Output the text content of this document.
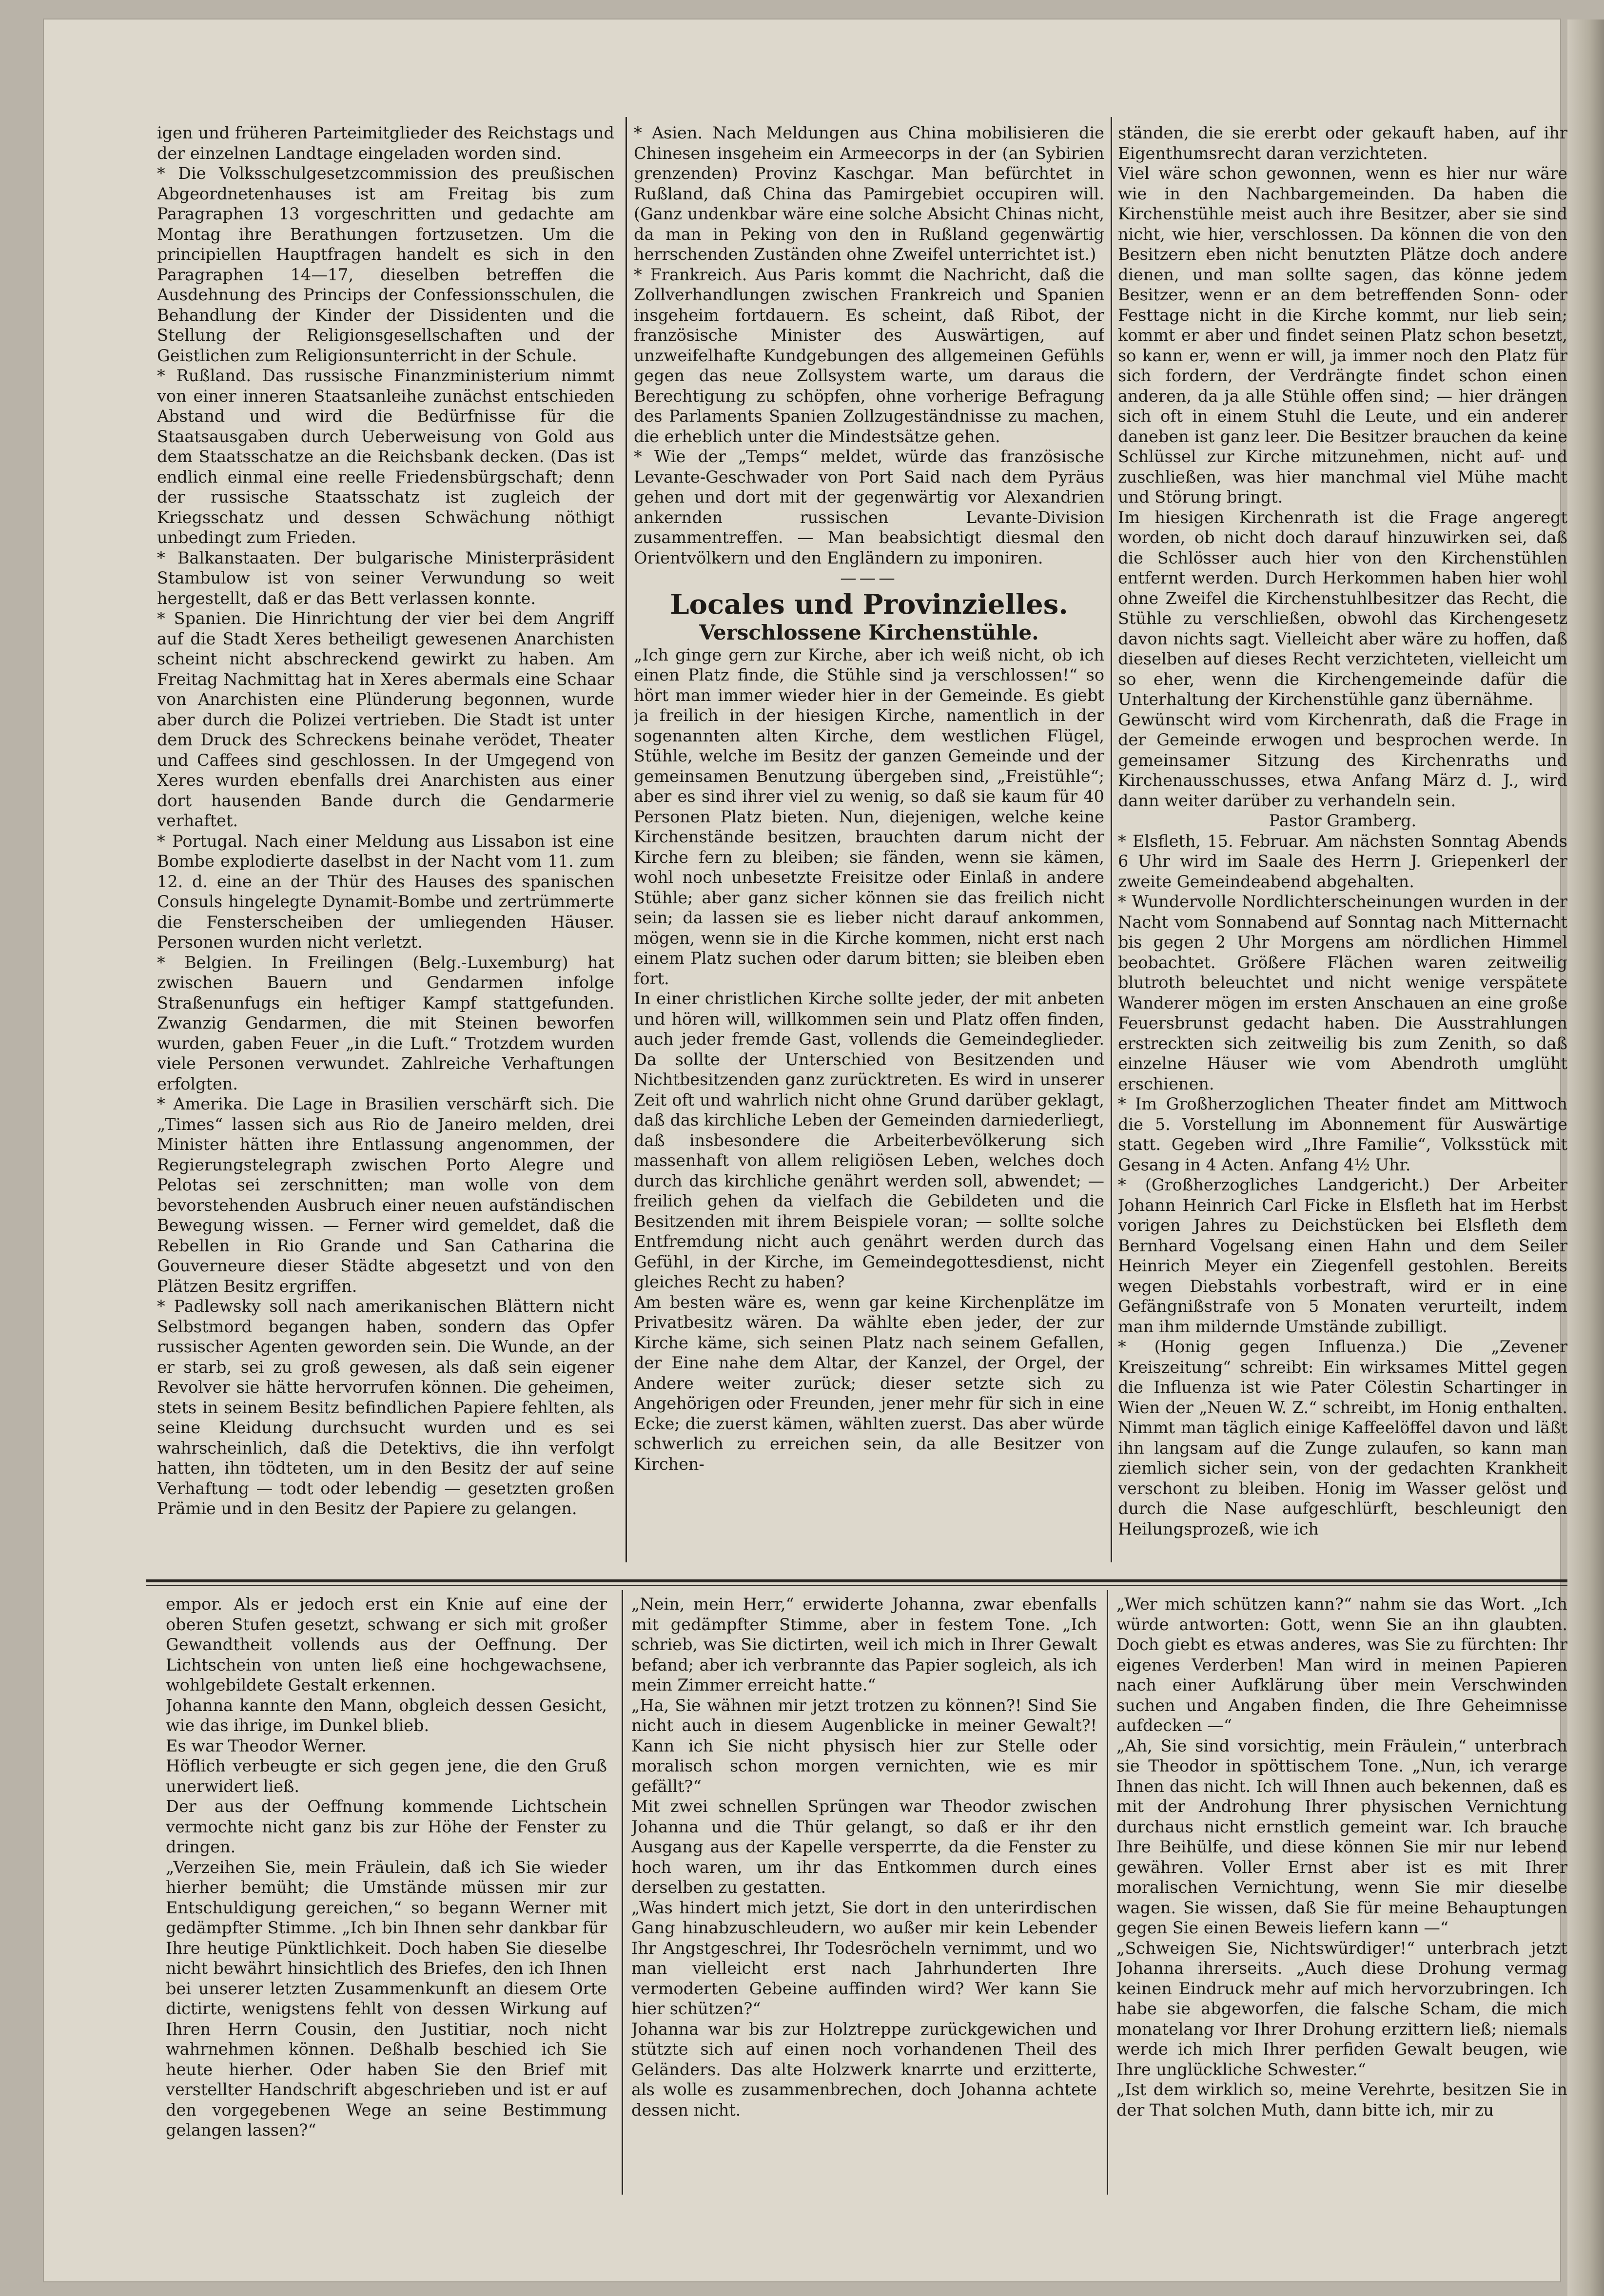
igen und früheren Parteimitglieder des Reichstags und der einzelnen Landtage eingeladen worden sind.

* Die Volksschulgesetzcommission des preußischen Abgeordnetenhauses ist am Freitag bis zum Paragraphen 13 vorgeschritten und gedachte am Montag ihre Berathungen fortzusetzen. Um die principiellen Hauptfragen handelt es sich in den Paragraphen 14—17, dieselben betreffen die Ausdehnung des Princips der Confessionsschulen, die Behandlung der Kinder der Dissidenten und die Stellung der Religionsgesellschaften und der Geistlichen zum Religionsunterricht in der Schule.

* Rußland. Das russische Finanzministerium nimmt von einer inneren Staatsanleihe zunächst entschieden Abstand und wird die Bedürfnisse für die Staatsausgaben durch Ueberweisung von Gold aus dem Staatsschatze an die Reichsbank decken. (Das ist endlich einmal eine reelle Friedensbürgschaft; denn der russische Staatsschatz ist zugleich der Kriegsschatz und dessen Schwächung nöthigt unbedingt zum Frieden.

* Balkanstaaten. Der bulgarische Ministerpräsident Stambulow ist von seiner Verwundung so weit hergestellt, daß er das Bett verlassen konnte.

* Spanien. Die Hinrichtung der vier bei dem Angriff auf die Stadt Xeres betheiligt gewesenen Anarchisten scheint nicht abschreckend gewirkt zu haben. Am Freitag Nachmittag hat in Xeres abermals eine Schaar von Anarchisten eine Plünderung begonnen, wurde aber durch die Polizei vertrieben. Die Stadt ist unter dem Druck des Schreckens beinahe verödet, Theater und Caffees sind geschlossen. In der Umgegend von Xeres wurden ebenfalls drei Anarchisten aus einer dort hausenden Bande durch die Gendarmerie verhaftet.

* Portugal. Nach einer Meldung aus Lissabon ist eine Bombe explodierte daselbst in der Nacht vom 11. zum 12. d. eine an der Thür des Hauses des spanischen Consuls hingelegte Dynamit-Bombe und zertrümmerte die Fensterscheiben der umliegenden Häuser. Personen wurden nicht verletzt.

* Belgien. In Freilingen (Belg.-Luxemburg) hat zwischen Bauern und Gendarmen infolge Straßenunfugs ein heftiger Kampf stattgefunden. Zwanzig Gendarmen, die mit Steinen beworfen wurden, gaben Feuer „in die Luft.“ Trotzdem wurden viele Personen verwundet. Zahlreiche Verhaftungen erfolgten.

* Amerika. Die Lage in Brasilien verschärft sich. Die „Times“ lassen sich aus Rio de Janeiro melden, drei Minister hätten ihre Entlassung angenommen, der Regierungstelegraph zwischen Porto Alegre und Pelotas sei zerschnitten; man wolle von dem bevorstehenden Ausbruch einer neuen aufständischen Bewegung wissen. — Ferner wird gemeldet, daß die Rebellen in Rio Grande und San Catharina die Gouverneure dieser Städte abgesetzt und von den Plätzen Besitz ergriffen.

* Padlewsky soll nach amerikanischen Blättern nicht Selbstmord begangen haben, sondern das Opfer russischer Agenten geworden sein. Die Wunde, an der er starb, sei zu groß gewesen, als daß sein eigener Revolver sie hätte hervorrufen können. Die geheimen, stets in seinem Besitz befindlichen Papiere fehlten, als seine Kleidung durchsucht wurden und es sei wahrscheinlich, daß die Detektivs, die ihn verfolgt hatten, ihn tödteten, um in den Besitz der auf seine Verhaftung — todt oder lebendig — gesetzten großen Prämie und in den Besitz der Papiere zu gelangen.

* Asien. Nach Meldungen aus China mobilisieren die Chinesen insgeheim ein Armeecorps in der (an Sybirien grenzenden) Provinz Kaschgar. Man befürchtet in Rußland, daß China das Pamirgebiet occupiren will. (Ganz undenkbar wäre eine solche Absicht Chinas nicht, da man in Peking von den in Rußland gegenwärtig herrschenden Zuständen ohne Zweifel unterrichtet ist.)

* Frankreich. Aus Paris kommt die Nachricht, daß die Zollverhandlungen zwischen Frankreich und Spanien insgeheim fortdauern. Es scheint, daß Ribot, der französische Minister des Auswärtigen, auf unzweifelhafte Kundgebungen des allgemeinen Gefühls gegen das neue Zollsystem warte, um daraus die Berechtigung zu schöpfen, ohne vorherige Befragung des Parlaments Spanien Zollzugeständnisse zu machen, die erheblich unter die Mindestsätze gehen.

* Wie der „Temps“ meldet, würde das französische Levante-Geschwader von Port Said nach dem Pyräus gehen und dort mit der gegenwärtig vor Alexandrien ankernden russischen Levante-Division zusammentreffen. — Man beabsichtigt diesmal den Orientvölkern und den Engländern zu imponiren.

———

Locales und Provinzielles.

Verschlossene Kirchenstühle.

„Ich ginge gern zur Kirche, aber ich weiß nicht, ob ich einen Platz finde, die Stühle sind ja verschlossen!“ so hört man immer wieder hier in der Gemeinde. Es giebt ja freilich in der hiesigen Kirche, namentlich in der sogenannten alten Kirche, dem westlichen Flügel, Stühle, welche im Besitz der ganzen Gemeinde und der gemeinsamen Benutzung übergeben sind, „Freistühle“; aber es sind ihrer viel zu wenig, so daß sie kaum für 40 Personen Platz bieten. Nun, diejenigen, welche keine Kirchenstände besitzen, brauchten darum nicht der Kirche fern zu bleiben; sie fänden, wenn sie kämen, wohl noch unbesetzte Freisitze oder Einlaß in andere Stühle; aber ganz sicher können sie das freilich nicht sein; da lassen sie es lieber nicht darauf ankommen, mögen, wenn sie in die Kirche kommen, nicht erst nach einem Platz suchen oder darum bitten; sie bleiben eben fort.

In einer christlichen Kirche sollte jeder, der mit anbeten und hören will, willkommen sein und Platz offen finden, auch jeder fremde Gast, vollends die Gemeindeglieder. Da sollte der Unterschied von Besitzenden und Nichtbesitzenden ganz zurücktreten. Es wird in unserer Zeit oft und wahrlich nicht ohne Grund darüber geklagt, daß das kirchliche Leben der Gemeinden darniederliegt, daß insbesondere die Arbeiterbevölkerung sich massenhaft von allem religiösen Leben, welches doch durch das kirchliche genährt werden soll, abwendet; — freilich gehen da vielfach die Gebildeten und die Besitzenden mit ihrem Beispiele voran; — sollte solche Entfremdung nicht auch genährt werden durch das Gefühl, in der Kirche, im Gemeindegottesdienst, nicht gleiches Recht zu haben?

Am besten wäre es, wenn gar keine Kirchenplätze im Privatbesitz wären. Da wählte eben jeder, der zur Kirche käme, sich seinen Platz nach seinem Gefallen, der Eine nahe dem Altar, der Kanzel, der Orgel, der Andere weiter zurück; dieser setzte sich zu Angehörigen oder Freunden, jener mehr für sich in eine Ecke; die zuerst kämen, wählten zuerst. Das aber würde schwerlich zu erreichen sein, da alle Besitzer von Kirchen-

ständen, die sie ererbt oder gekauft haben, auf ihr Eigenthumsrecht daran verzichteten.

Viel wäre schon gewonnen, wenn es hier nur wäre wie in den Nachbargemeinden. Da haben die Kirchenstühle meist auch ihre Besitzer, aber sie sind nicht, wie hier, verschlossen. Da können die von den Besitzern eben nicht benutzten Plätze doch andere dienen, und man sollte sagen, das könne jedem Besitzer, wenn er an dem betreffenden Sonn- oder Festtage nicht in die Kirche kommt, nur lieb sein; kommt er aber und findet seinen Platz schon besetzt, so kann er, wenn er will, ja immer noch den Platz für sich fordern, der Verdrängte findet schon einen anderen, da ja alle Stühle offen sind; — hier drängen sich oft in einem Stuhl die Leute, und ein anderer daneben ist ganz leer. Die Besitzer brauchen da keine Schlüssel zur Kirche mitzunehmen, nicht auf- und zuschließen, was hier manchmal viel Mühe macht und Störung bringt.

Im hiesigen Kirchenrath ist die Frage angeregt worden, ob nicht doch darauf hinzuwirken sei, daß die Schlösser auch hier von den Kirchenstühlen entfernt werden. Durch Herkommen haben hier wohl ohne Zweifel die Kirchenstuhlbesitzer das Recht, die Stühle zu verschließen, obwohl das Kirchengesetz davon nichts sagt. Vielleicht aber wäre zu hoffen, daß dieselben auf dieses Recht verzichteten, vielleicht um so eher, wenn die Kirchengemeinde dafür die Unterhaltung der Kirchenstühle ganz übernähme.

Gewünscht wird vom Kirchenrath, daß die Frage in der Gemeinde erwogen und besprochen werde. In gemeinsamer Sitzung des Kirchenraths und Kirchenausschusses, etwa Anfang März d. J., wird dann weiter darüber zu verhandeln sein.

Pastor Gramberg.

* Elsfleth, 15. Februar. Am nächsten Sonntag Abends 6 Uhr wird im Saale des Herrn J. Griepenkerl der zweite Gemeindeabend abgehalten.

* Wundervolle Nordlichterscheinungen wurden in der Nacht vom Sonnabend auf Sonntag nach Mitternacht bis gegen 2 Uhr Morgens am nördlichen Himmel beobachtet. Größere Flächen waren zeitweilig blutroth beleuchtet und nicht wenige verspätete Wanderer mögen im ersten Anschauen an eine große Feuersbrunst gedacht haben. Die Ausstrahlungen erstreckten sich zeitweilig bis zum Zenith, so daß einzelne Häuser wie vom Abendroth umglüht erschienen.

* Im Großherzoglichen Theater findet am Mittwoch die 5. Vorstellung im Abonnement für Auswärtige statt. Gegeben wird „Ihre Familie“, Volksstück mit Gesang in 4 Acten. Anfang 4½ Uhr.

* (Großherzogliches Landgericht.) Der Arbeiter Johann Heinrich Carl Ficke in Elsfleth hat im Herbst vorigen Jahres zu Deichstücken bei Elsfleth dem Bernhard Vogelsang einen Hahn und dem Seiler Heinrich Meyer ein Ziegenfell gestohlen. Bereits wegen Diebstahls vorbestraft, wird er in eine Gefängnißstrafe von 5 Monaten verurteilt, indem man ihm mildernde Umstände zubilligt.

* (Honig gegen Influenza.) Die „Zevener Kreiszeitung“ schreibt: Ein wirksames Mittel gegen die Influenza ist wie Pater Cölestin Schartinger in Wien der „Neuen W. Z.“ schreibt, im Honig enthalten. Nimmt man täglich einige Kaffeelöffel davon und läßt ihn langsam auf die Zunge zulaufen, so kann man ziemlich sicher sein, von der gedachten Krankheit verschont zu bleiben. Honig im Wasser gelöst und durch die Nase aufgeschlürft, beschleunigt den Heilungsprozeß, wie ich

empor. Als er jedoch erst ein Knie auf eine der oberen Stufen gesetzt, schwang er sich mit großer Gewandtheit vollends aus der Oeffnung. Der Lichtschein von unten ließ eine hochgewachsene, wohlgebildete Gestalt erkennen.

Johanna kannte den Mann, obgleich dessen Gesicht, wie das ihrige, im Dunkel blieb.

Es war Theodor Werner.

Höflich verbeugte er sich gegen jene, die den Gruß unerwidert ließ.

Der aus der Oeffnung kommende Lichtschein vermochte nicht ganz bis zur Höhe der Fenster zu dringen.

„Verzeihen Sie, mein Fräulein, daß ich Sie wieder hierher bemüht; die Umstände müssen mir zur Entschuldigung gereichen,“ so begann Werner mit gedämpfter Stimme. „Ich bin Ihnen sehr dankbar für Ihre heutige Pünktlichkeit. Doch haben Sie dieselbe nicht bewährt hinsichtlich des Briefes, den ich Ihnen bei unserer letzten Zusammenkunft an diesem Orte dictirte, wenigstens fehlt von dessen Wirkung auf Ihren Herrn Cousin, den Justitiar, noch nicht wahrnehmen können. Deßhalb beschied ich Sie heute hierher. Oder haben Sie den Brief mit verstellter Handschrift abgeschrieben und ist er auf den vorgegebenen Wege an seine Bestimmung gelangen lassen?“

„Nein, mein Herr,“ erwiderte Johanna, zwar ebenfalls mit gedämpfter Stimme, aber in festem Tone. „Ich schrieb, was Sie dictirten, weil ich mich in Ihrer Gewalt befand; aber ich verbrannte das Papier sogleich, als ich mein Zimmer erreicht hatte.“

„Ha, Sie wähnen mir jetzt trotzen zu können?! Sind Sie nicht auch in diesem Augenblicke in meiner Gewalt?! Kann ich Sie nicht physisch hier zur Stelle oder moralisch schon morgen vernichten, wie es mir gefällt?“

Mit zwei schnellen Sprüngen war Theodor zwischen Johanna und die Thür gelangt, so daß er ihr den Ausgang aus der Kapelle versperrte, da die Fenster zu hoch waren, um ihr das Entkommen durch eines derselben zu gestatten.

„Was hindert mich jetzt, Sie dort in den unterirdischen Gang hinabzuschleudern, wo außer mir kein Lebender Ihr Angstgeschrei, Ihr Todesröcheln vernimmt, und wo man vielleicht erst nach Jahrhunderten Ihre vermoderten Gebeine auffinden wird? Wer kann Sie hier schützen?“

Johanna war bis zur Holztreppe zurückgewichen und stützte sich auf einen noch vorhandenen Theil des Geländers. Das alte Holzwerk knarrte und erzitterte, als wolle es zusammenbrechen, doch Johanna achtete dessen nicht.

„Wer mich schützen kann?“ nahm sie das Wort. „Ich würde antworten: Gott, wenn Sie an ihn glaubten. Doch giebt es etwas anderes, was Sie zu fürchten: Ihr eigenes Verderben! Man wird in meinen Papieren nach einer Aufklärung über mein Verschwinden suchen und Angaben finden, die Ihre Geheimnisse aufdecken —“

„Ah, Sie sind vorsichtig, mein Fräulein,“ unterbrach sie Theodor in spöttischem Tone. „Nun, ich verarge Ihnen das nicht. Ich will Ihnen auch bekennen, daß es mit der Androhung Ihrer physischen Vernichtung durchaus nicht ernstlich gemeint war. Ich brauche Ihre Beihülfe, und diese können Sie mir nur lebend gewähren. Voller Ernst aber ist es mit Ihrer moralischen Vernichtung, wenn Sie mir dieselbe wagen. Sie wissen, daß Sie für meine Behauptungen gegen Sie einen Beweis liefern kann —“

„Schweigen Sie, Nichtswürdiger!“ unterbrach jetzt Johanna ihrerseits. „Auch diese Drohung vermag keinen Eindruck mehr auf mich hervorzubringen. Ich habe sie abgeworfen, die falsche Scham, die mich monatelang vor Ihrer Drohung erzittern ließ; niemals werde ich mich Ihrer perfiden Gewalt beugen, wie Ihre unglückliche Schwester.“

„Ist dem wirklich so, meine Verehrte, besitzen Sie in der That solchen Muth, dann bitte ich, mir zu
